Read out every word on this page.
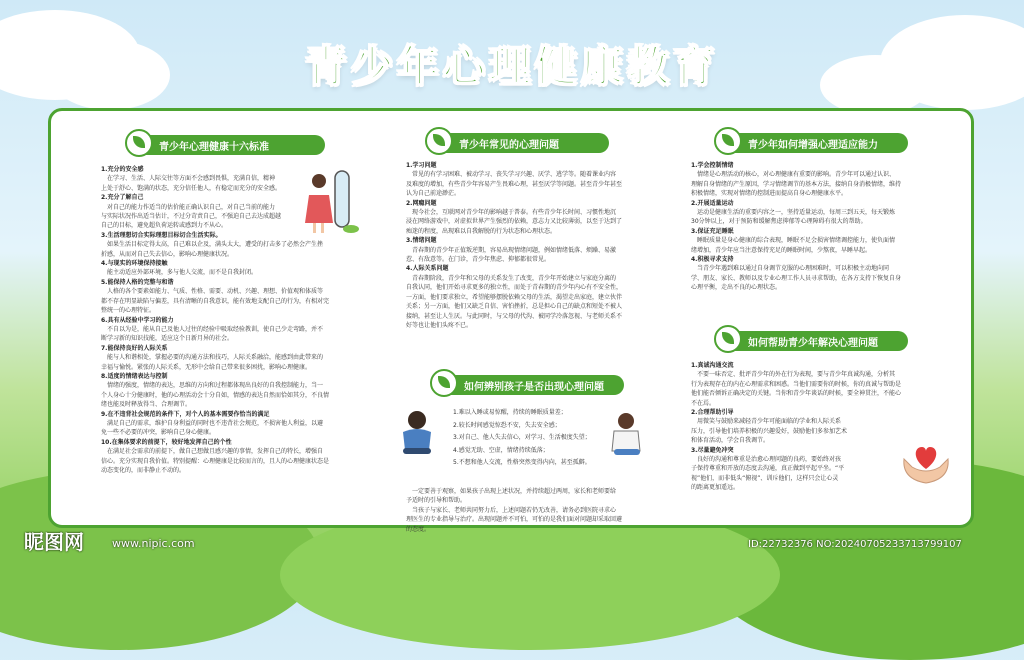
青少年心理健康教育
青少年心理健康十六标准
1.充分的安全感
　在学习、生活、人际交往等方面不会感到畏惧，充满自信，精神
上处于舒心、饱满的状态，充分信任他人，有稳定而充分的安全感。
2.充分了解自己
　对自己的能力作适当的估价能正确认识自己，对自己当前的能力
与实际状况作出适当估计，不过分苛责自己，不强迫自己去达成超越
自己的目标，避免超负荷运转或感到力不从心。
3.生活理想切合实际理想目标切合生活实际。
　如果生活目标定得太高，自己难以企及，满头太大，遭受的打击多了必然会产生挫
折感，从而对自己失去信心，影响心理健康状况。
4.与现实的环境保持接触
　能主动适应外部环境，多与他人交流，而不是自我封闭。
5.能保持人格的完整与和谐
　人格的各个要素如能力、气质、性格、需要、动机、兴趣、理想、价值观和体质等
都不存在明显缺陷与偏差，具有清晰的自我意识，能有效地支配自己的行为，有相对完
整统一的心理特征。
6.具有从经验中学习的能力
　不自以为是，能从自己及他人过往的经验中吸取经验教训，使自己少走弯路，并不
断学习新的知识技能，适应这个日新月异的社会。
7.能保持良好的人际关系
　能与人和谐相处，掌握必要的沟通方法和技巧，人际关系融洽，能感到由此带来的
幸福与愉悦。紧张的人际关系，无形中会给自己带来很多困扰，影响心理健康。
8.适度的情绪表达与控制
　情绪的强度，情绪的表达，思维的方向和过程都体现出良好的自我控制能力，当一
个人身心十分健康时，他的心理活动会十分自如，情感的表达自然而恰如其分，不良情
绪也能及时释放得当、合理调节。
9.在不违背社会规范的条件下，对个人的基本需要作恰当的满足
　满足自己的需求，维护自身利益的同时也不违背社会规范，不损害他人利益，以避
免一些不必要的冲突，影响自己身心健康。
10.在集体要求的前提下，较好地发挥自己的个性
　在满足社会需求的前提下，做自己想做且感兴趣的事情，发挥自己的特长，增强自
信心。充分实现自我价值。特别提醒：心理健康是比较而言的，且人的心理健康状态是
动态变化的，而非静止不动的。
青少年常见的心理问题
1.学习问题
　常见的有学习困难、被动学习、丧失学习兴趣、厌学、逃学等。随着课业内容
及难度的增加，有些青少年容易产生畏难心理，甚至厌学等问题。甚至青少年甚至
认为自己前途渺茫。
2.网瘾问题
　现今社会，互联网对青少年的影响越于普泰。有些青少年长时间、习惯性地沉
浸在网络游戏中，对虚拟世界产生强烈的依赖，意志力又比较薄弱，以至于达到了
痴迷的程度，出现难以自我解脱的行为状态和心理状态。
3.情绪问题
　青春期的青少年正值叛逆期，容易出现情绪问题，例如情绪低落、烦躁、易激
惹、有敌意等。在门诊，青少年焦虑、抑郁都很常见。
4.人际关系问题
　青春期阶段，青少年和父母的关系发生了改变，青少年开始建立与家庭分离的
自我认同，他们开始寻求更多的独立性，而处于青春期的青少年内心有不安全性，
一方面，他们要求独立，希望能够摆脱依赖父母的生活，渴望走出家庭，建立伙伴
关系；另一方面，他们又缺乏自信、害怕挫折，总是担心自己的缺点和短处不被人
接纳，甚至让人生厌。与此同时，与父母的代沟、被同学冷落忽视、与老师关系不
好等也让他们头疼不已。
如何辨别孩子是否出现心理问题
1.难以入睡或易惊醒，持续的睡眠质量差；
2.较长时间感觉惊恐不安，失去安全感；
3.对自己、他人失去信心，对学习、生活极度失望；
4.感觉无助、空虚，情绪持续低落；
5.不想和他人交流，性格突然变得内向，甚至孤僻。
　一定要善于观察，如果孩子出现上述状况，并持续超过两周，家长和老师要给
予适时的引导和帮助。
　当孩子与家长、老师共同努力后，上述问题若仍无改善，请务必到医院寻求心
理医生的专业指导与治疗。出现问题并不可怕，可怕的是我们面对问题却采取回避
的态度。
青少年如何增强心理适应能力
1.学会控制情绪
　情绪是心理活动的核心，对心理健康有重要的影响。青少年可以通过认识、
理解自身情绪的产生原因，学习情绪调节的基本方法，接纳自身消极情绪，维持
积极情绪，实现对情绪的控制进而提高自身心理健康水平。
2.开展适量运动
　运动是健康生活的重要内容之一，坚持适量运动，每周三到五天，每天锻炼
30分钟以上，对于预防和缓解焦虑抑郁等心理障碍有很大的帮助。
3.保证充足睡眠
　睡眠质量是身心健康的综合表现，睡眠不足会损害情绪调控能力，使负面情
绪增加，青少年应当注意保持充足的睡眠时间，少熬夜，早睡早起。
4.积极寻求支持
　当青少年遇到难以通过自身调节克服的心理困难时，可以积极主动地向同
学、朋友、家长、教师以及专业心理工作人员寻求帮助，在各方支持下恢复自身
心理平衡，走出不良的心理状态。
如何帮助青少年解决心理问题
1.真诚沟通交流
　不要一味否定、批评青少年的外在行为表现，要与青少年真诚沟通，分析其
行为表现存在的内在心理需求和困惑。当他们需要你的时候，你的真诚与帮助是
他们能否倾诉正确决定的关键。当你和青少年谈话的时候，要全神贯注，不能心
不在焉。
2.合理帮助引导
　用微笑与鼓励来减轻青少年可能面临的学业和人际关系
压力，引导他们培养积极的兴趣爱好，鼓励他们多参加艺术
和体育活动，学会自我调节。
3.尽量避免冲突
　良好的沟通和尊重是治愈心理问题的良药，要始终对孩
子保持尊重和开放的态度去沟通，真正做到平起平坐。“平
视”他们，而非低头“俯视”、训斥他们，这样只会让心灵
的距离更加遥远。
昵图网	www.nipic.com	ID:22732376 NO:20240705233713799107
